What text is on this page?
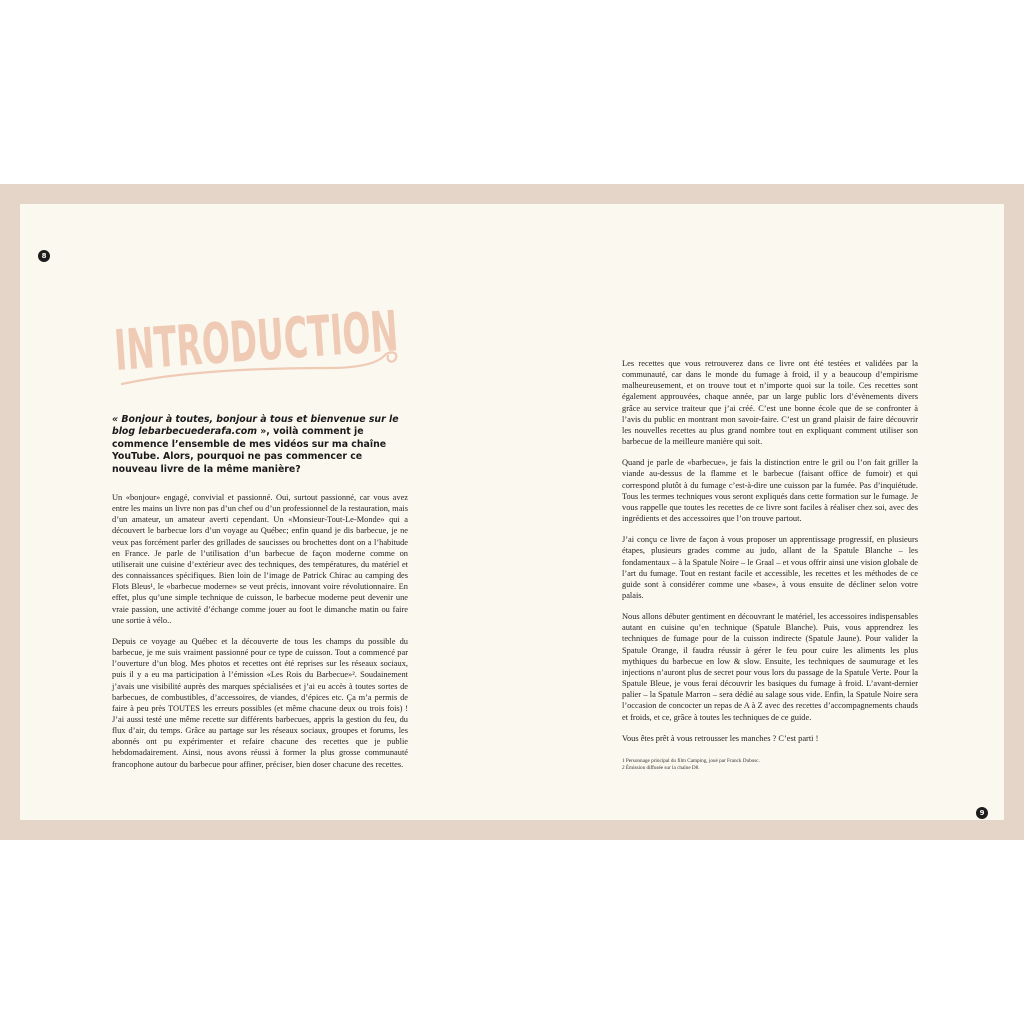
8
9
INTRODUCTION
« Bonjour à toutes, bonjour à tous et bienvenue sur le blog lebarbecuederafa.com », voilà comment je commence l’ensemble de mes vidéos sur ma chaîne YouTube. Alors, pourquoi ne pas commencer ce nouveau livre de la même manière?

Un «bonjour» engagé, convivial et passionné. Oui, surtout passionné, car vous avez entre les mains un livre non pas d’un chef ou d’un professionnel de la restauration, mais d’un amateur, un amateur averti cependant. Un «Monsieur-Tout-Le-Monde» qui a découvert le barbecue lors d’un voyage au Québec; enfin quand je dis barbecue, je ne veux pas forcément parler des grillades de saucisses ou brochettes dont on a l’habitude en France. Je parle de l’utilisation d’un barbecue de façon moderne comme on utiliserait une cuisine d’extérieur avec des techniques, des températures, du matériel et des connaissances spécifiques. Bien loin de l’image de Patrick Chirac au camping des Flots Bleus¹, le «barbecue moderne» se veut précis, innovant voire révolutionnaire. En effet, plus qu’une simple technique de cuisson, le barbecue moderne peut devenir une vraie passion, une activité d’échange comme jouer au foot le dimanche matin ou faire une sortie à vélo..

Depuis ce voyage au Québec et la découverte de tous les champs du possible du barbecue, je me suis vraiment passionné pour ce type de cuisson. Tout a commencé par l’ouverture d’un blog. Mes photos et recettes ont été reprises sur les réseaux sociaux, puis il y a eu ma participation à l’émission «Les Rois du Barbecue»². Soudainement j’avais une visibilité auprès des marques spécialisées et j’ai eu accès à toutes sortes de barbecues, de combustibles, d’accessoires, de viandes, d’épices etc. Ça m’a permis de faire à peu près TOUTES les erreurs possibles (et même chacune deux ou trois fois) ! J’ai aussi testé une même recette sur différents barbecues, appris la gestion du feu, du flux d’air, du temps. Grâce au partage sur les réseaux sociaux, groupes et forums, les abonnés ont pu expérimenter et refaire chacune des recettes que je publie hebdomadairement. Ainsi, nous avons réussi à former la plus grosse communauté francophone autour du barbecue pour affiner, préciser, bien doser chacune des recettes.

Les recettes que vous retrouverez dans ce livre ont été testées et validées par la communauté, car dans le monde du fumage à froid, il y a beaucoup d’empirisme malheureusement, et on trouve tout et n’importe quoi sur la toile. Ces recettes sont également approuvées, chaque année, par un large public lors d’évènements divers grâce au service traiteur que j’ai créé. C’est une bonne école que de se confronter à l’avis du public en montrant mon savoir-faire. C’est un grand plaisir de faire découvrir les nouvelles recettes au plus grand nombre tout en expliquant comment utiliser son barbecue de la meilleure manière qui soit.

Quand je parle de «barbecue», je fais la distinction entre le gril ou l’on fait griller la viande au-dessus de la flamme et le barbecue (faisant office de fumoir) et qui correspond plutôt à du fumage c’est-à-dire une cuisson par la fumée. Pas d’inquiétude. Tous les termes techniques vous seront expliqués dans cette formation sur le fumage. Je vous rappelle que toutes les recettes de ce livre sont faciles à réaliser chez soi, avec des ingrédients et des accessoires que l’on trouve partout.

J’ai conçu ce livre de façon à vous proposer un apprentissage progressif, en plusieurs étapes, plusieurs grades comme au judo, allant de la Spatule Blanche – les fondamentaux – à la Spatule Noire – le Graal – et vous offrir ainsi une vision globale de l’art du fumage. Tout en restant facile et accessible, les recettes et les méthodes de ce guide sont à considérer comme une «base», à vous ensuite de décliner selon votre palais.

Nous allons débuter gentiment en découvrant le matériel, les accessoires indispensables autant en cuisine qu’en technique (Spatule Blanche). Puis, vous apprendrez les techniques de fumage pour de la cuisson indirecte (Spatule Jaune). Pour valider la Spatule Orange, il faudra réussir à gérer le feu pour cuire les aliments les plus mythiques du barbecue en low & slow. Ensuite, les techniques de saumurage et les injections n’auront plus de secret pour vous lors du passage de la Spatule Verte. Pour la Spatule Bleue, je vous ferai découvrir les basiques du fumage à froid. L’avant-dernier palier – la Spatule Marron – sera dédié au salage sous vide. Enfin, la Spatule Noire sera l’occasion de concocter un repas de A à Z avec des recettes d’accompagnements chauds et froids, et ce, grâce à toutes les techniques de ce guide.

Vous êtes prêt à vous retrousser les manches ? C’est parti !

1 Personnage principal du film Camping, joué par Franck Dubosc.
2 Émission diffusée sur la chaîne D8.
